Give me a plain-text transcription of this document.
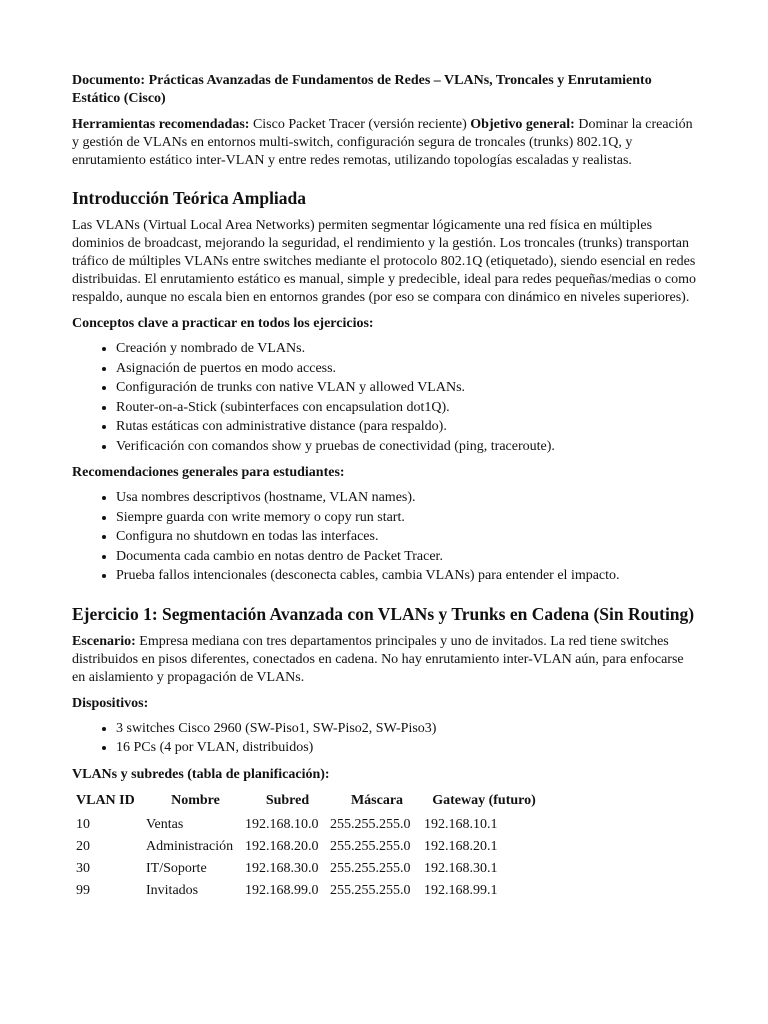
Documento: Prácticas Avanzadas de Fundamentos de Redes – VLANs, Troncales y Enrutamiento Estático (Cisco)

Herramientas recomendadas: Cisco Packet Tracer (versión reciente) Objetivo general: Dominar la creación y gestión de VLANs en entornos multi-switch, configuración segura de troncales (trunks) 802.1Q, y enrutamiento estático inter-VLAN y entre redes remotas, utilizando topologías escaladas y realistas.

Introducción Teórica Ampliada

Las VLANs (Virtual Local Area Networks) permiten segmentar lógicamente una red física en múltiples dominios de broadcast, mejorando la seguridad, el rendimiento y la gestión. Los troncales (trunks) transportan tráfico de múltiples VLANs entre switches mediante el protocolo 802.1Q (etiquetado), siendo esencial en redes distribuidas. El enrutamiento estático es manual, simple y predecible, ideal para redes pequeñas/medias o como respaldo, aunque no escala bien en entornos grandes (por eso se compara con dinámico en niveles superiores).

Conceptos clave a practicar en todos los ejercicios:

• Creación y nombrado de VLANs.
• Asignación de puertos en modo access.
• Configuración de trunks con native VLAN y allowed VLANs.
• Router-on-a-Stick (subinterfaces con encapsulation dot1Q).
• Rutas estáticas con administrative distance (para respaldo).
• Verificación con comandos show y pruebas de conectividad (ping, traceroute).

Recomendaciones generales para estudiantes:

• Usa nombres descriptivos (hostname, VLAN names).
• Siempre guarda con write memory o copy run start.
• Configura no shutdown en todas las interfaces.
• Documenta cada cambio en notas dentro de Packet Tracer.
• Prueba fallos intencionales (desconecta cables, cambia VLANs) para entender el impacto.
Ejercicio 1: Segmentación Avanzada con VLANs y Trunks en Cadena (Sin Routing)

Escenario: Empresa mediana con tres departamentos principales y uno de invitados. La red tiene switches distribuidos en pisos diferentes, conectados en cadena. No hay enrutamiento inter-VLAN aún, para enfocarse en aislamiento y propagación de VLANs.

Dispositivos:

• 3 switches Cisco 2960 (SW-Piso1, SW-Piso2, SW-Piso3)
• 16 PCs (4 por VLAN, distribuidos)

VLANs y subredes (tabla de planificación):

VLAN ID	Nombre	Subred	Máscara	Gateway (futuro)
10	Ventas	192.168.10.0	255.255.255.0	192.168.10.1
20	Administración	192.168.20.0	255.255.255.0	192.168.20.1
30	IT/Soporte	192.168.30.0	255.255.255.0	192.168.30.1
99	Invitados	192.168.99.0	255.255.255.0	192.168.99.1
